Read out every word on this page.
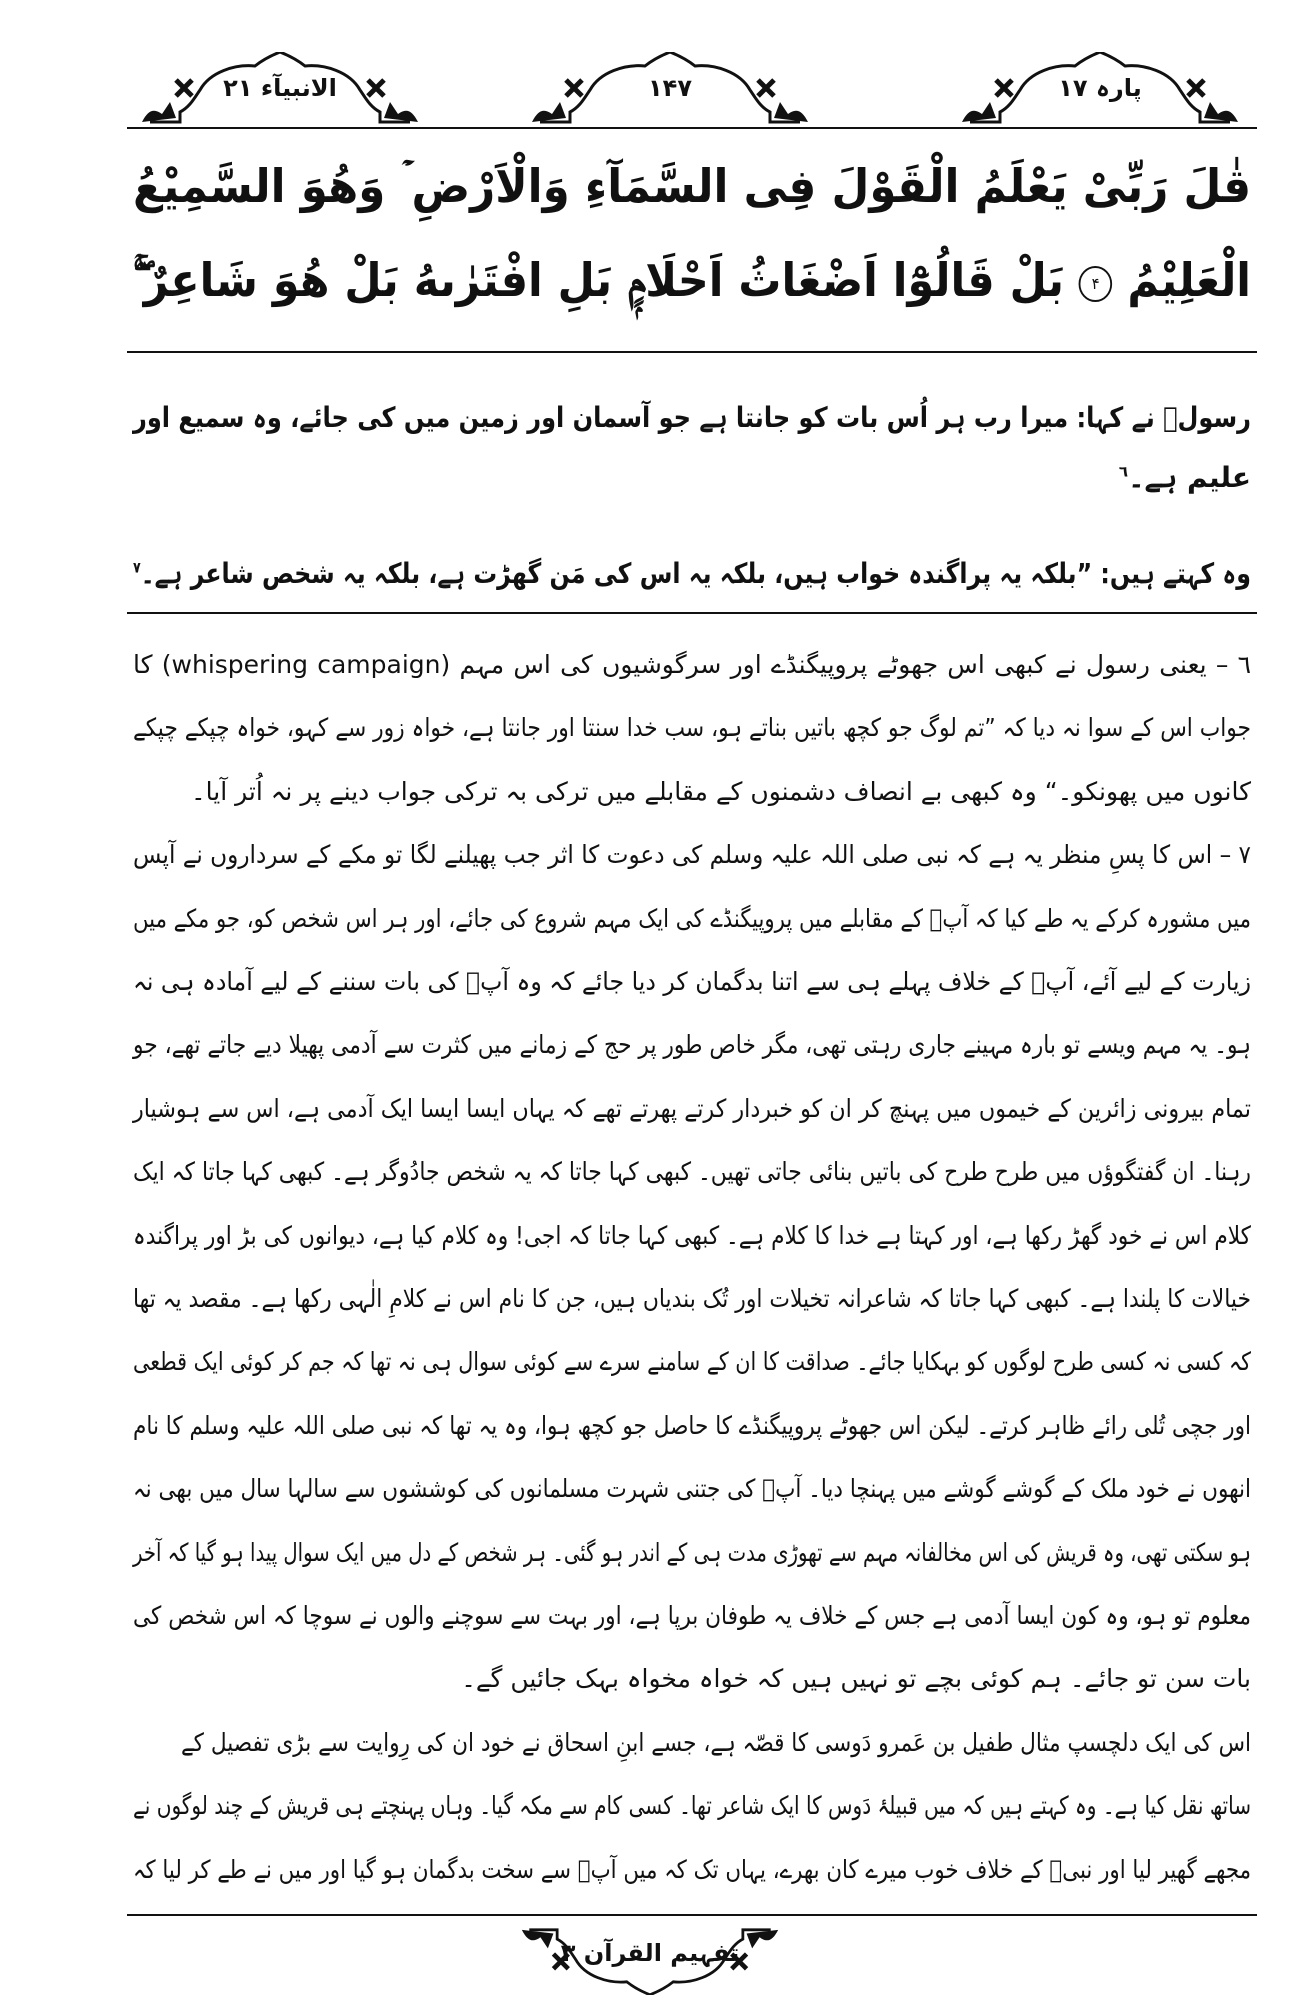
الانبیآء ۲۱	۱۴۷	پارہ ۱۷
قٰلَ رَبِّیْ یَعْلَمُ الْقَوْلَ فِی السَّمَآءِ وَالْاَرْضِ ۡ وَهُوَ السَّمِیْعُ
الْعَلِیْمُ ۴ بَلْ قَالُوْٓا اَضْغَاثُ اَحْلَامٍۭ بَلِ افْتَرٰىهُ بَلْ هُوَ شَاعِرٌ ۚۖ
رسولؐ نے کہا: میرا رب ہر اُس بات کو جانتا ہے جو آسمان اور زمین میں کی جائے، وہ سمیع اور
علیم ہے۔$^٦$
وہ کہتے ہیں: ”بلکہ یہ پراگندہ خواب ہیں، بلکہ یہ اس کی مَن گھڑت ہے، بلکہ یہ شخص شاعر ہے۔$^٧$
٦ – یعنی رسول نے کبھی اس جھوٹے پروپیگنڈے اور سرگوشیوں کی اس مہم (whispering campaign) کا
جواب اس کے سوا نہ دیا کہ ”تم لوگ جو کچھ باتیں بناتے ہو، سب خدا سنتا اور جانتا ہے، خواہ زور سے کہو، خواہ چپکے چپکے
کانوں میں پھونکو۔“ وہ کبھی بے انصاف دشمنوں کے مقابلے میں ترکی بہ ترکی جواب دینے پر نہ اُتر آیا۔
٧ – اس کا پسِ منظر یہ ہے کہ نبی صلی اللہ علیہ وسلم کی دعوت کا اثر جب پھیلنے لگا تو مکے کے سرداروں نے آپس
میں مشورہ کرکے یہ طے کیا کہ آپؐ کے مقابلے میں پروپیگنڈے کی ایک مہم شروع کی جائے، اور ہر اس شخص کو، جو مکے میں
زیارت کے لیے آئے، آپؐ کے خلاف پہلے ہی سے اتنا بدگمان کر دیا جائے کہ وہ آپؐ کی بات سننے کے لیے آمادہ ہی نہ
ہو۔ یہ مہم ویسے تو بارہ مہینے جاری رہتی تھی، مگر خاص طور پر حج کے زمانے میں کثرت سے آدمی پھیلا دیے جاتے تھے، جو
تمام بیرونی زائرین کے خیموں میں پہنچ کر ان کو خبردار کرتے پھرتے تھے کہ یہاں ایسا ایسا ایک آدمی ہے، اس سے ہوشیار
رہنا۔ ان گفتگوؤں میں طرح طرح کی باتیں بنائی جاتی تھیں۔ کبھی کہا جاتا کہ یہ شخص جادُوگر ہے۔ کبھی کہا جاتا کہ ایک
کلام اس نے خود گھڑ رکھا ہے، اور کہتا ہے خدا کا کلام ہے۔ کبھی کہا جاتا کہ اجی! وہ کلام کیا ہے، دیوانوں کی بڑ اور پراگندہ
خیالات کا پلندا ہے۔ کبھی کہا جاتا کہ شاعرانہ تخیلات اور تُک بندیاں ہیں، جن کا نام اس نے کلامِ الٰہی رکھا ہے۔ مقصد یہ تھا
کہ کسی نہ کسی طرح لوگوں کو بہکایا جائے۔ صداقت کا ان کے سامنے سرے سے کوئی سوال ہی نہ تھا کہ جم کر کوئی ایک قطعی
اور جچی تُلی رائے ظاہر کرتے۔ لیکن اس جھوٹے پروپیگنڈے کا حاصل جو کچھ ہوا، وہ یہ تھا کہ نبی صلی اللہ علیہ وسلم کا نام
انھوں نے خود ملک کے گوشے گوشے میں پہنچا دیا۔ آپؐ کی جتنی شہرت مسلمانوں کی کوششوں سے سالہا سال میں بھی نہ
ہو سکتی تھی، وہ قریش کی اس مخالفانہ مہم سے تھوڑی مدت ہی کے اندر ہو گئی۔ ہر شخص کے دل میں ایک سوال پیدا ہو گیا کہ آخر
معلوم تو ہو، وہ کون ایسا آدمی ہے جس کے خلاف یہ طوفان برپا ہے، اور بہت سے سوچنے والوں نے سوچا کہ اس شخص کی
بات سن تو جائے۔ ہم کوئی بچے تو نہیں ہیں کہ خواہ مخواہ بہک جائیں گے۔
اس کی ایک دلچسپ مثال طفیل بن عَمرو دَوسی کا قصّہ ہے، جسے ابنِ اسحاق نے خود ان کی رِوایت سے بڑی تفصیل کے
ساتھ نقل کیا ہے۔ وہ کہتے ہیں کہ میں قبیلۂ دَوس کا ایک شاعر تھا۔ کسی کام سے مکہ گیا۔ وہاں پہنچتے ہی قریش کے چند لوگوں نے
مجھے گھیر لیا اور نبیؐ کے خلاف خوب میرے کان بھرے، یہاں تک کہ میں آپؐ سے سخت بدگمان ہو گیا اور میں نے طے کر لیا کہ
تفہیم القرآن ۳
